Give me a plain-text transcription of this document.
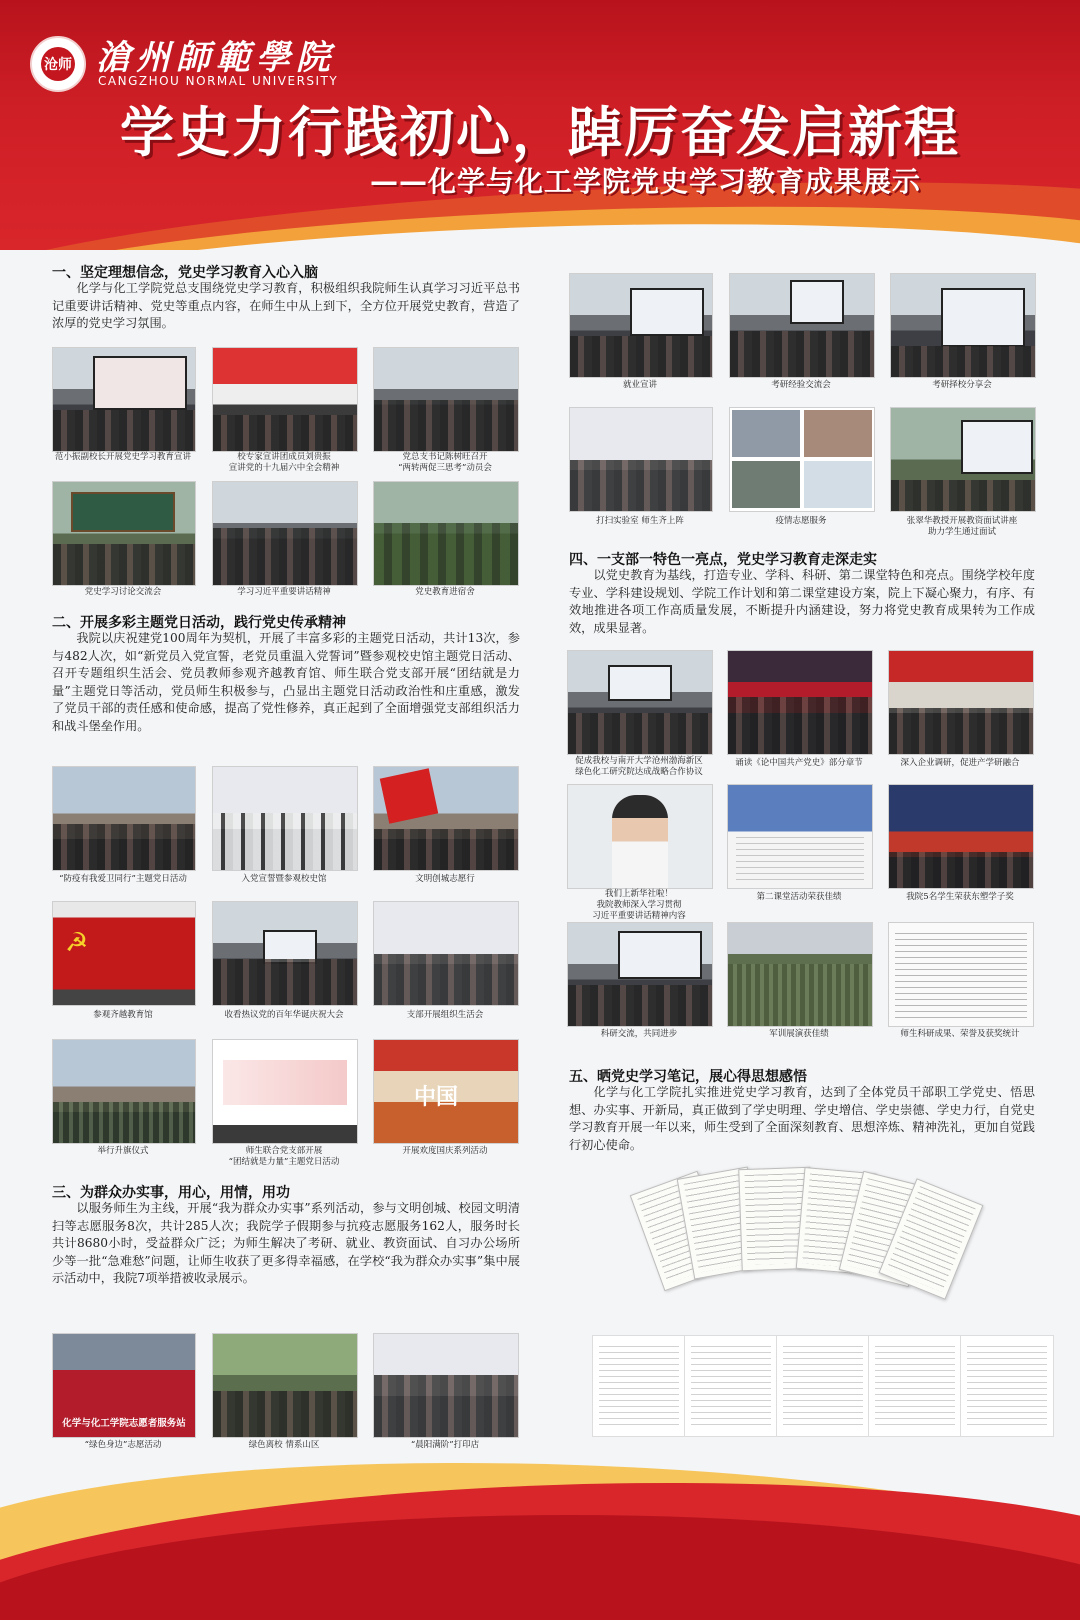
沧师 滄州師範學院
CANGZHOU NORMAL UNIVERSITY
学史力行践初心，踔厉奋发启新程
——化学与化工学院党史学习教育成果展示
一、坚定理想信念，党史学习教育入心入脑
化学与化工学院党总支围绕党史学习教育，积极组织我院师生认真学习习近平总书记重要讲话精神、党史等重点内容，在师生中从上到下，全方位开展党史教育，营造了浓厚的党史学习氛围。
范小振副校长开展党史学习教育宣讲	校专家宣讲团成员刘贵振
宣讲党的十九届六中全会精神
党总支书记陈树旺召开
“两转两促三思考”动员会
党史学习讨论交流会	学习习近平重要讲话精神	党史教育进宿舍
二、开展多彩主题党日活动，践行党史传承精神
我院以庆祝建党100周年为契机，开展了丰富多彩的主题党日活动，共计13次，参与482人次，如“新党员入党宣誓，老党员重温入党誓词”暨参观校史馆主题党日活动、召开专题组织生活会、党员教师参观齐越教育馆、师生联合党支部开展“团结就是力量”主题党日等活动，党员师生积极参与，凸显出主题党日活动政治性和庄重感，激发了党员干部的责任感和使命感，提高了党性修养，真正起到了全面增强党支部组织活力和战斗堡垒作用。
“防疫有我爱卫同行”主题党日活动	入党宣誓暨参观校史馆	文明创城志愿行
☭
参观齐越教育馆	收看热议党的百年华诞庆祝大会	支部开展组织生活会
中国
举行升旗仪式	师生联合党支部开展
“团结就是力量”主题党日活动
开展欢度国庆系列活动
三、为群众办实事，用心，用情，用功
以服务师生为主线，开展“我为群众办实事”系列活动，参与文明创城、校园文明清扫等志愿服务8次，共计285人次；我院学子假期参与抗疫志愿服务162人，服务时长共计8680小时，受益群众广泛；为师生解决了考研、就业、教资面试、自习办公场所少等一批“急难愁”问题，让师生收获了更多得幸福感，在学校“我为群众办实事”集中展示活动中，我院7项举措被收录展示。
化学与化工学院志愿者服务站
“绿色身边”志愿活动	绿色离校 情系山区	“晨阳满阶”打印店
就业宣讲	考研经验交流会	考研择校分享会
打扫实验室 师生齐上阵	疫情志愿服务	张翠华教授开展教资面试讲座
助力学生通过面试
四、一支部一特色一亮点，党史学习教育走深走实
以党史教育为基线，打造专业、学科、科研、第二课堂特色和亮点。围绕学校年度专业、学科建设规划、学院工作计划和第二课堂建设方案，院上下凝心聚力，有序、有效地推进各项工作高质量发展，不断提升内涵建设，努力将党史教育成果转为工作成效，成果显著。
促成我校与南开大学沧州渤海新区
绿色化工研究院达成战略合作协议
诵读《论中国共产党史》部分章节	深入企业调研，促进产学研融合
我们上新华社啦！
我院教师深入学习贯彻
习近平重要讲话精神内容
第二课堂活动荣获佳绩	我院5名学生荣获东塑学子奖
科研交流，共同进步	军训展演获佳绩	师生科研成果、荣誉及获奖统计
五、晒党史学习笔记，展心得思想感悟
化学与化工学院扎实推进党史学习教育，达到了全体党员干部职工学党史、悟思想、办实事、开新局，真正做到了学史明理、学史增信、学史崇德、学史力行，自党史学习教育开展一年以来，师生受到了全面深刻教育、思想淬炼、精神洗礼，更加自觉践行初心使命。
